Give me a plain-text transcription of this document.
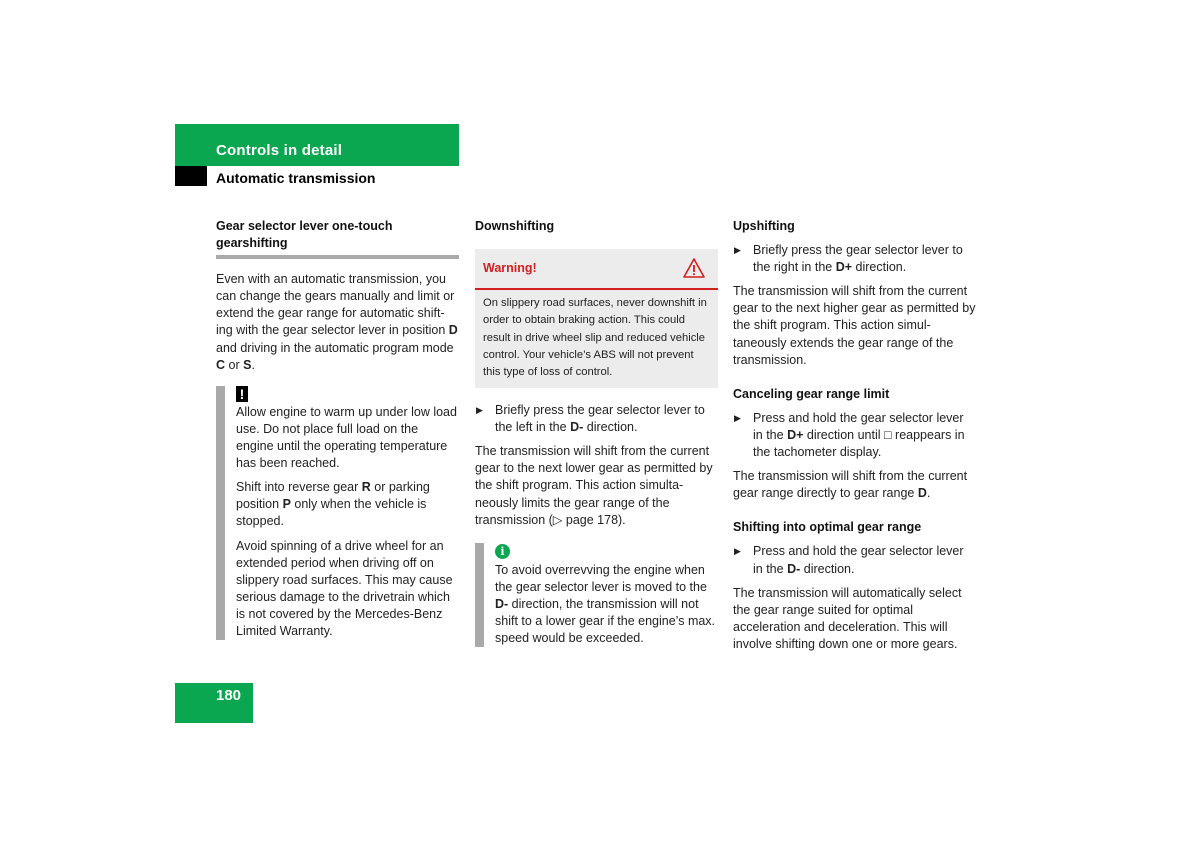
Controls in detail
Automatic transmission
Gear selector lever one-touch gearshifting

Even with an automatic transmission, you can change the gears manually and limit or extend the gear range for automatic shift-ing with the gear selector lever in position D and driving in the automatic program mode C or S.

!

Allow engine to warm up under low load use. Do not place full load on the engine until the operating temperature has been reached.

Shift into reverse gear R or parking position P only when the vehicle is stopped.

Avoid spinning of a drive wheel for an extended period when driving off on slippery road surfaces. This may cause serious damage to the drivetrain which is not covered by the Mercedes-Benz Limited Warranty.

Downshifting
Warning!
On slippery road surfaces, never downshift in order to obtain braking action. This could result in drive wheel slip and reduced vehicle control. Your vehicle’s ABS will not prevent this type of loss of control.
▶ Briefly press the gear selector lever to the left in the D- direction.

The transmission will shift from the current gear to the next lower gear as permitted by the shift program. This action simulta-neously limits the gear range of the transmission (▷ page 178).

i

To avoid overrevving the engine when the gear selector lever is moved to the D- direction, the transmission will not shift to a lower gear if the engine’s max. speed would be exceeded.

Upshifting
▶ Briefly press the gear selector lever to the right in the D+ direction.

The transmission will shift from the current gear to the next higher gear as permitted by the shift program. This action simul-taneously extends the gear range of the transmission.

Canceling gear range limit
▶ Press and hold the gear selector lever in the D+ direction until □ reappears in the tachometer display.

The transmission will shift from the current gear range directly to gear range D.

Shifting into optimal gear range
▶ Press and hold the gear selector lever in the D- direction.

The transmission will automatically select the gear range suited for optimal acceleration and deceleration. This will involve shifting down one or more gears.

180
